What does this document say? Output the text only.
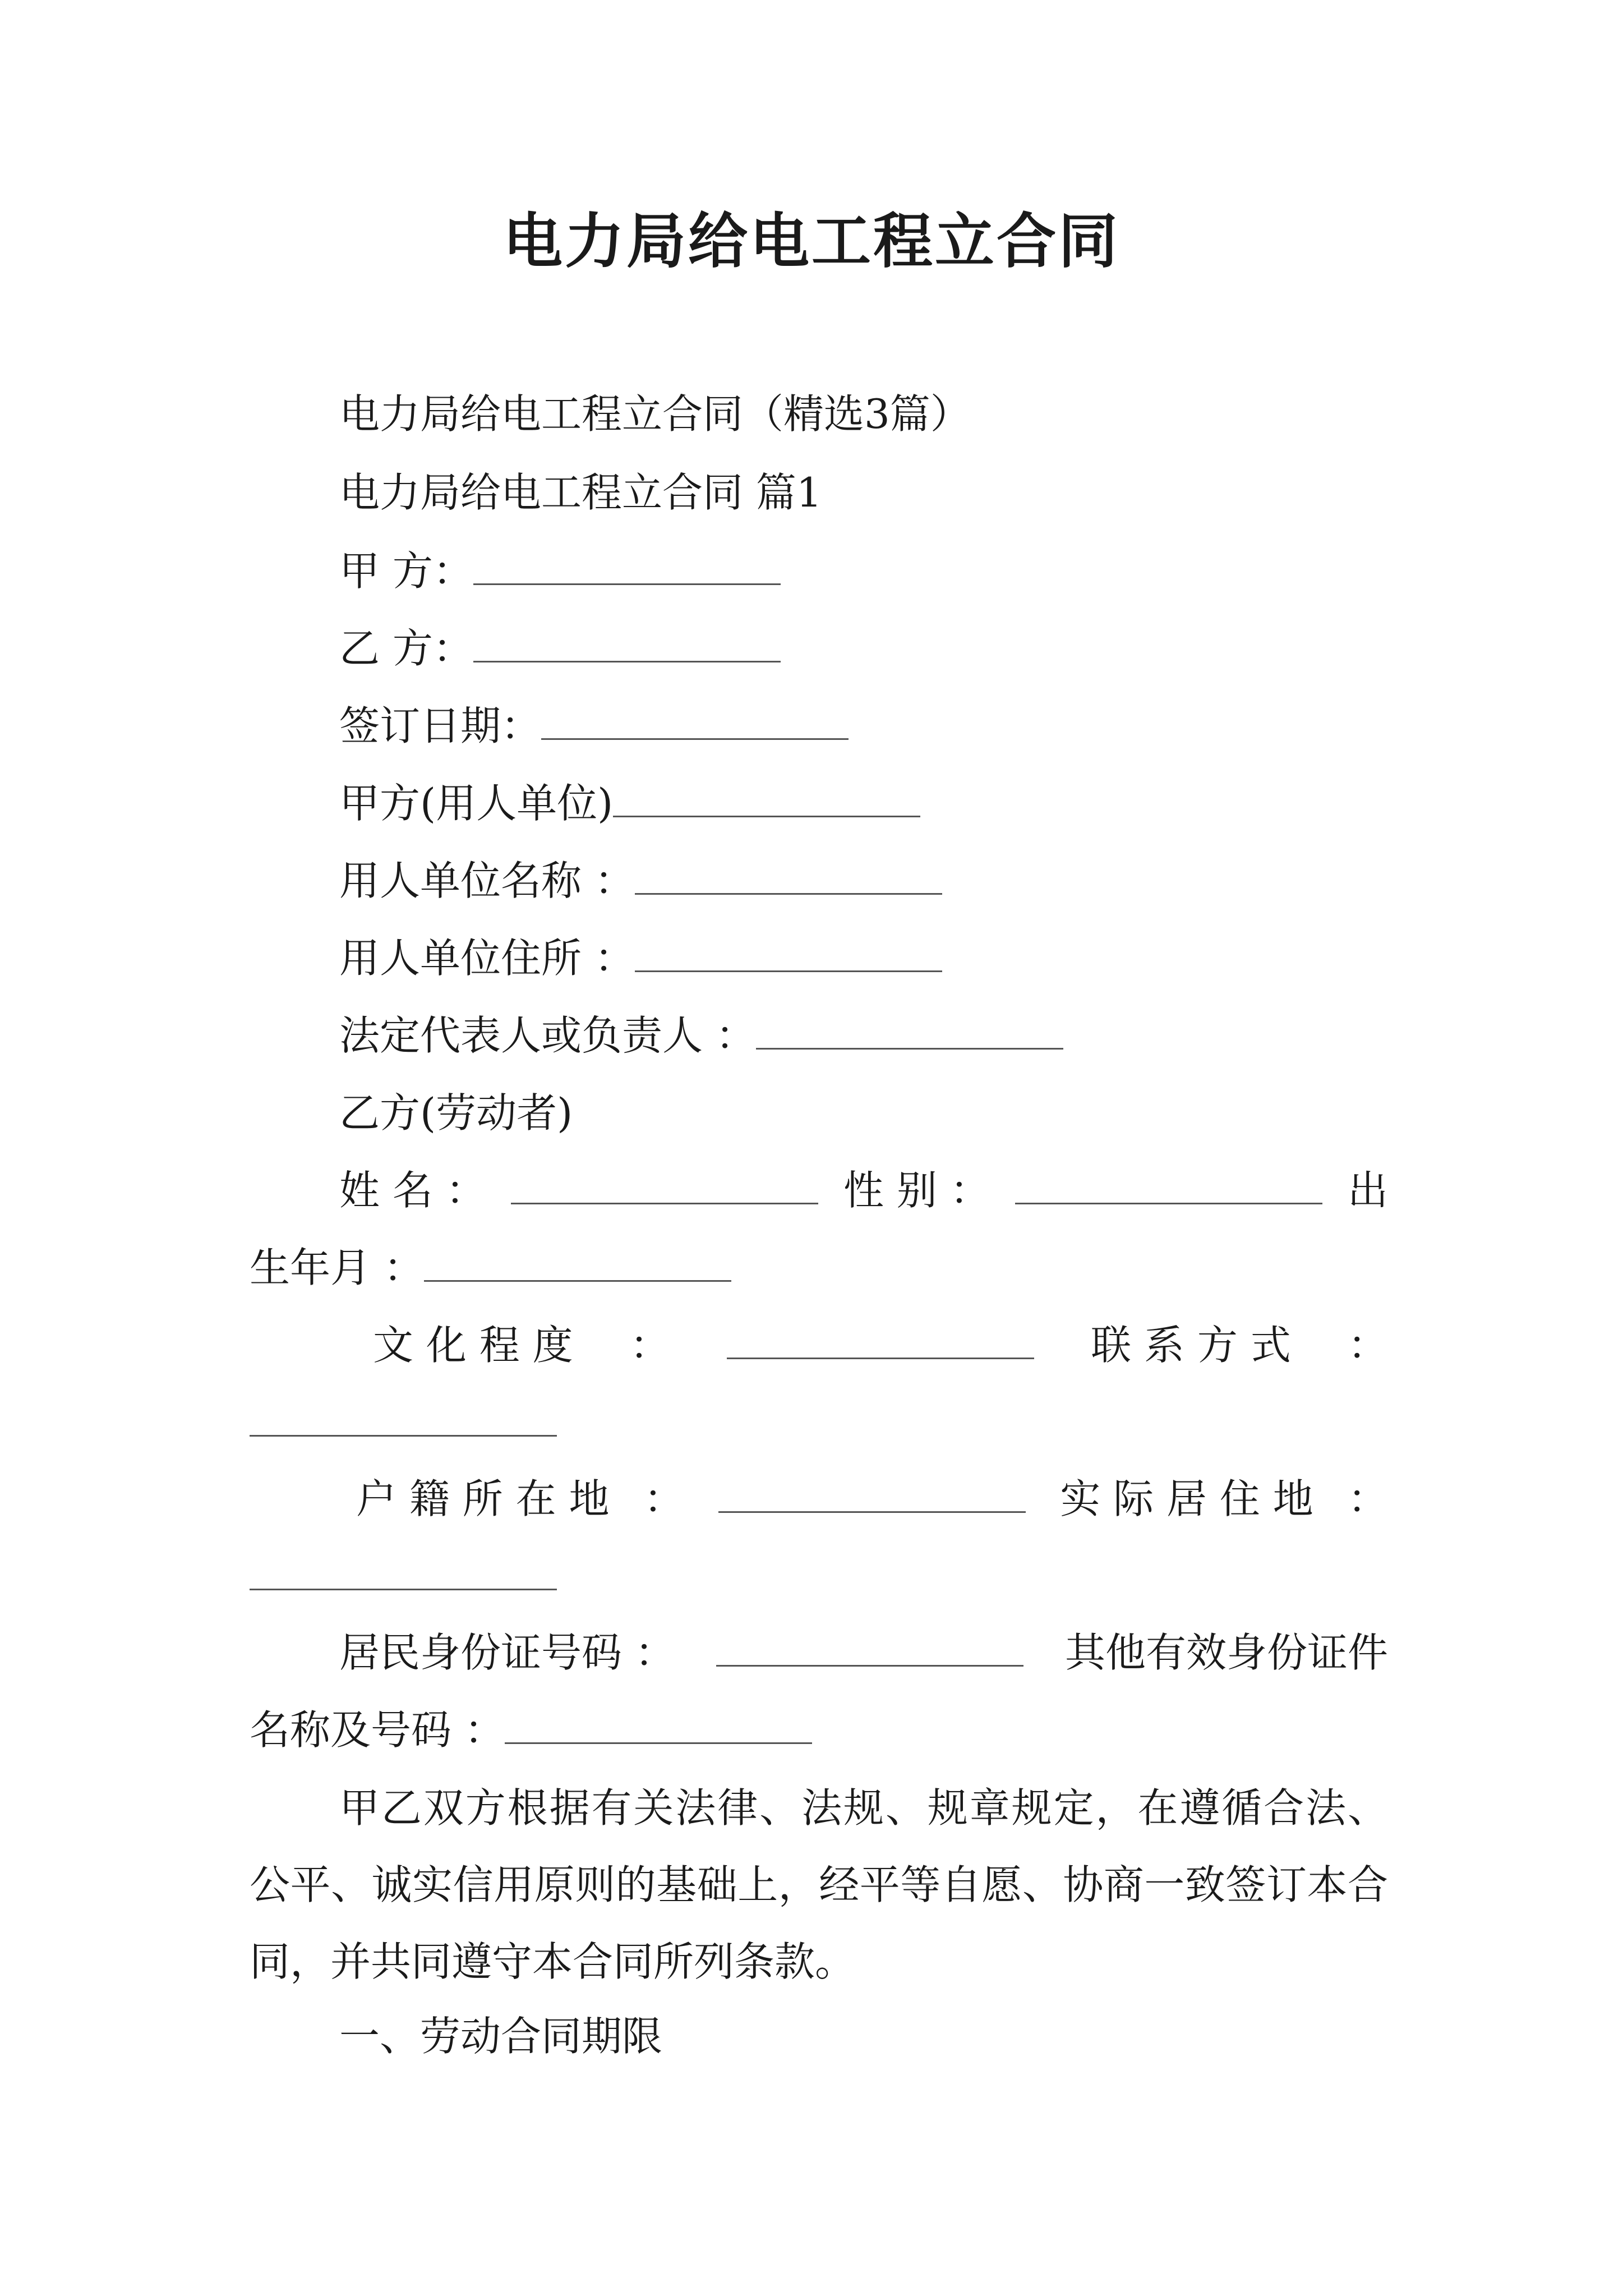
电力局给电工程立合同
电力局给电工程立合同（精选3篇）
电力局给电工程立合同 篇1
甲 方：
乙 方：
签订日期：
甲方(用人单位)
用人单位名称 ：
用人单位住所 ：
法定代表人或负责人 ：
乙方(劳动者)
姓 名 ：	性 别 ：	出
生年月 ：
文 化 程 度 ：	联 系 方 式 ：
户 籍 所 在 地 ：	实 际 居 住 地 ：
居民身份证号码 ：	其他有效身份证件
名称及号码 ：
甲乙双方根据有关法律、法规、规章规定，在遵循合法、公平、诚实信用原则的基础上，经平等自愿、协商一致签订本合同，并共同遵守本合同所列条款。
一、劳动合同期限
